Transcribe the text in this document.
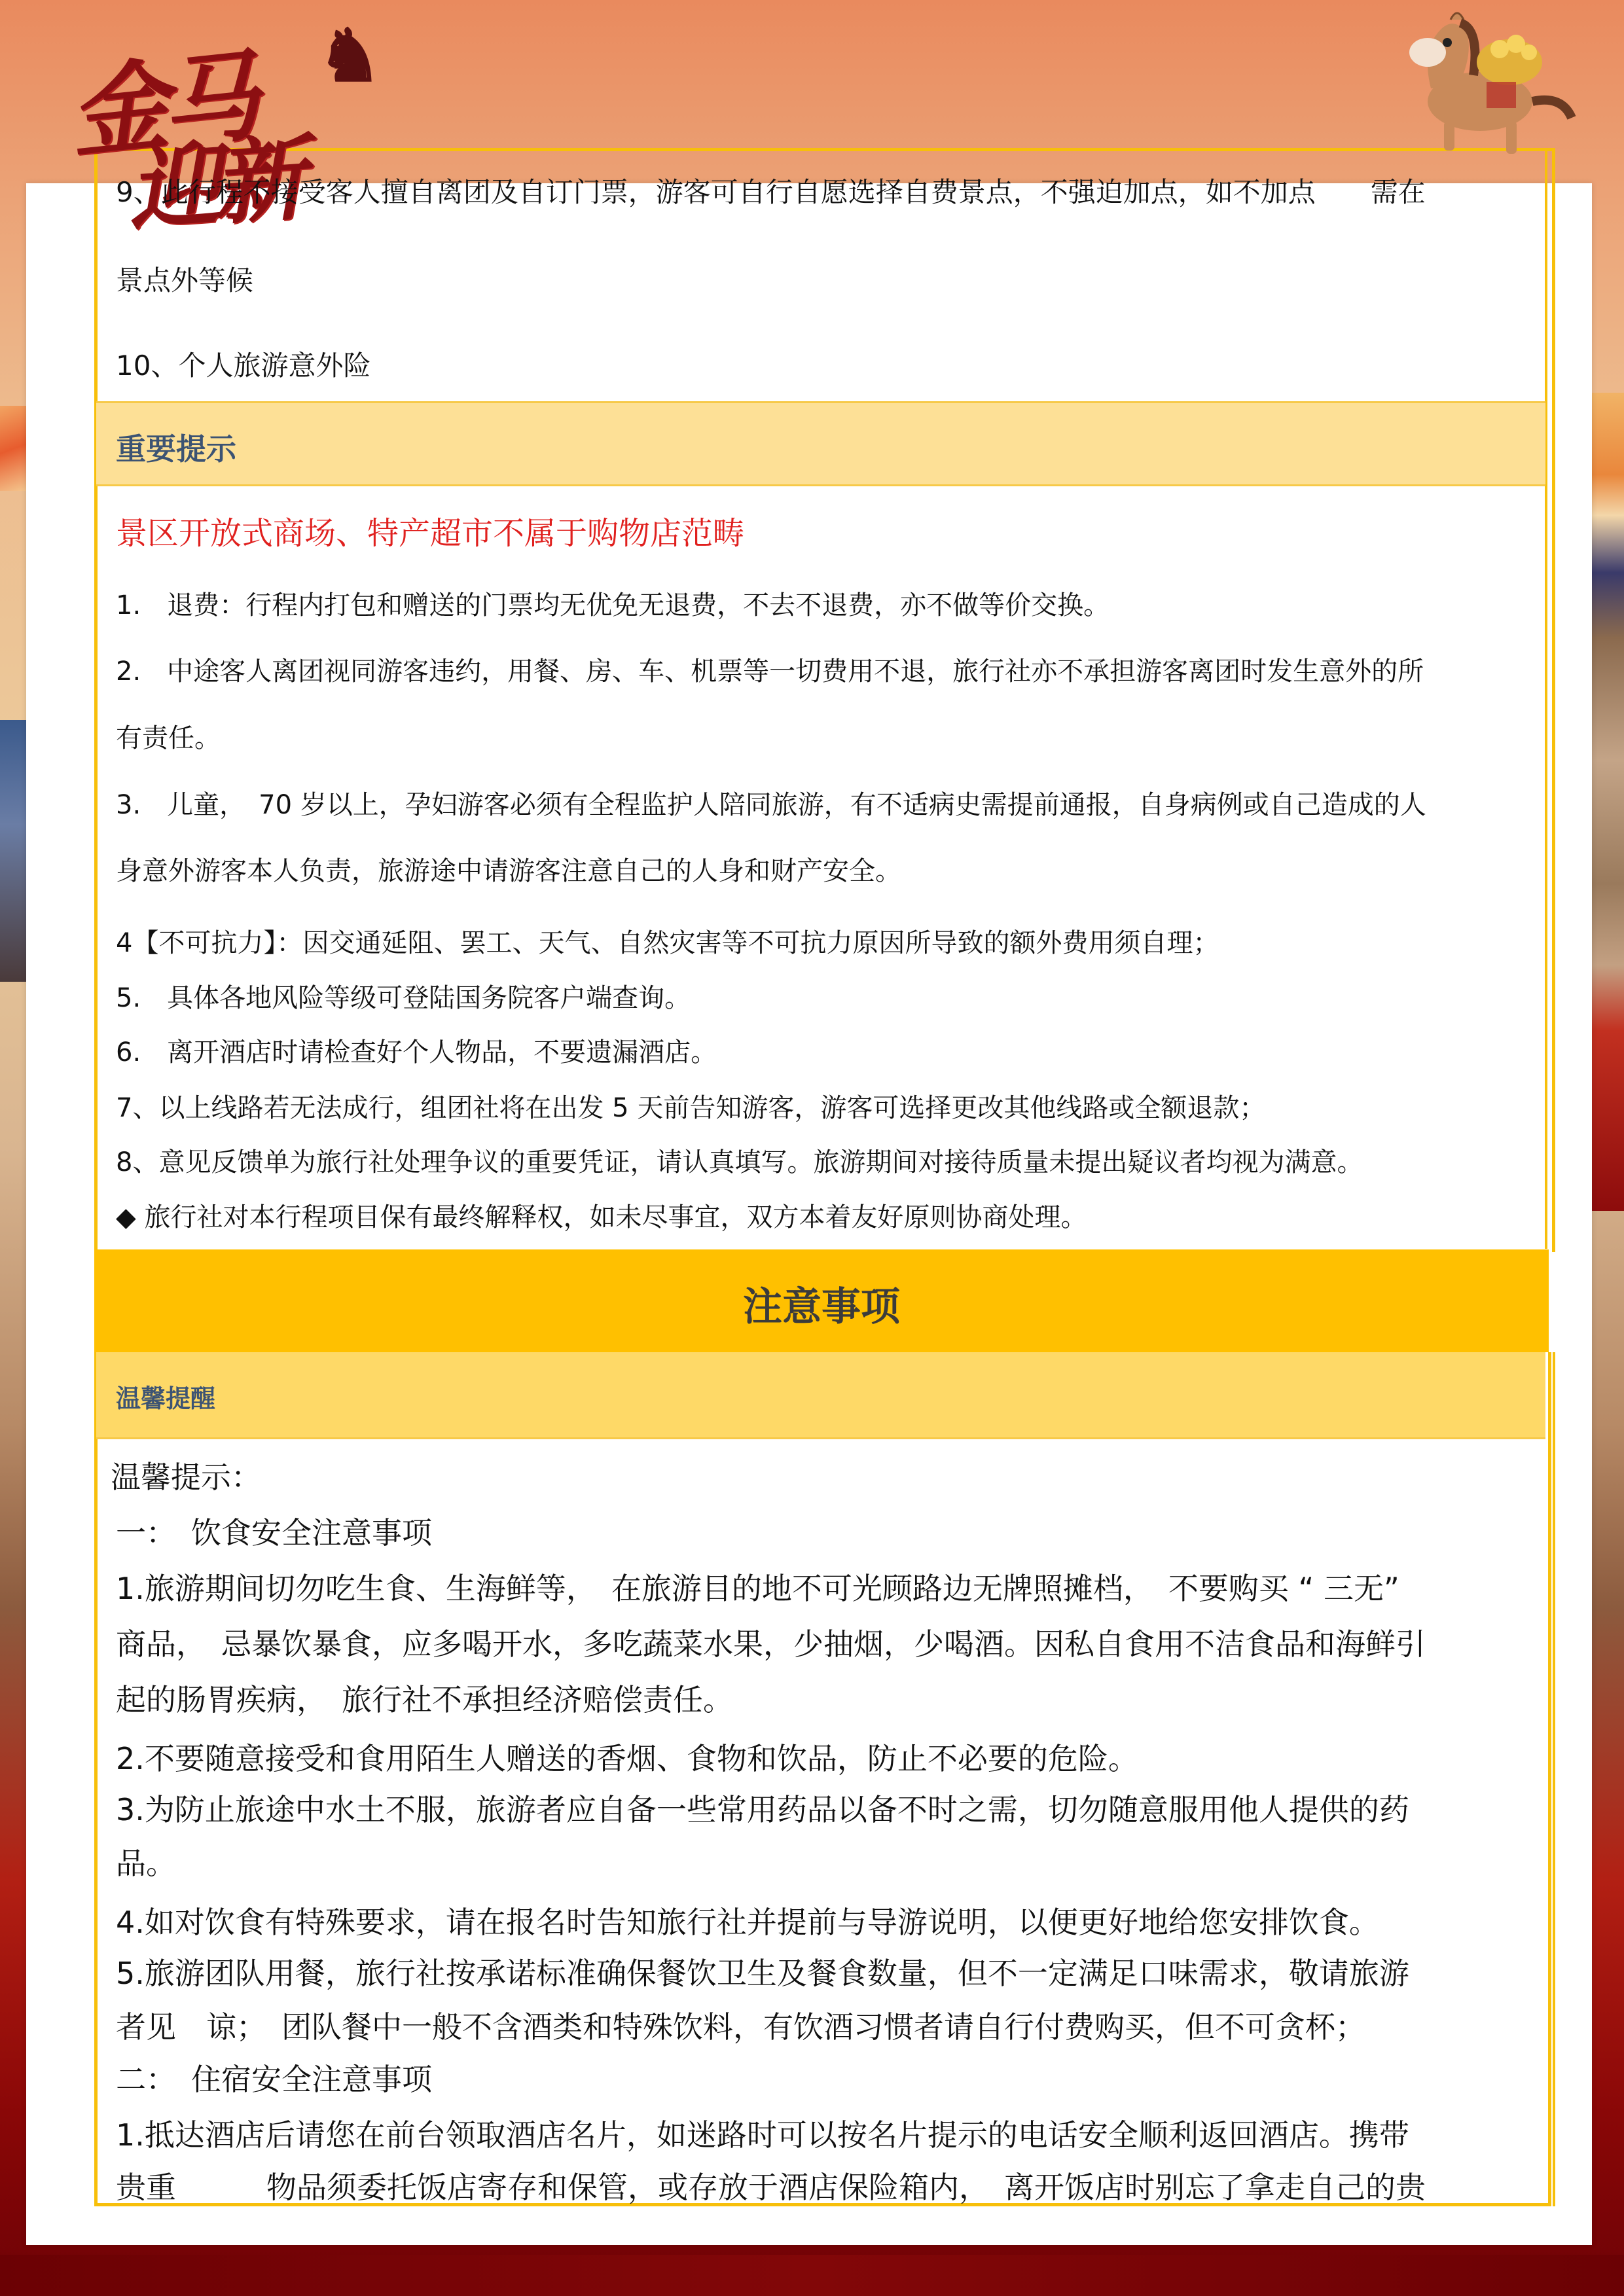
金马
迎新
♞
9、此行程不接受客人擅自离团及自订门票，游客可自行自愿选择自费景点，不强迫加点，如不加点　　需在
景点外等候
10、个人旅游意外险
重要提示
景区开放式商场、特产超市不属于购物店范畴
1.　退费：行程内打包和赠送的门票均无优免无退费，不去不退费，亦不做等价交换。
2.　中途客人离团视同游客违约，用餐、房、车、机票等一切费用不退，旅行社亦不承担游客离团时发生意外的所
有责任。
3.　儿童，　70 岁以上，孕妇游客必须有全程监护人陪同旅游，有不适病史需提前通报，自身病例或自己造成的人
身意外游客本人负责，旅游途中请游客注意自己的人身和财产安全。
4【不可抗力】：因交通延阻、罢工、天气、自然灾害等不可抗力原因所导致的额外费用须自理；
5.　具体各地风险等级可登陆国务院客户端查询。
6.　离开酒店时请检查好个人物品，不要遗漏酒店。
7、以上线路若无法成行，组团社将在出发 5 天前告知游客，游客可选择更改其他线路或全额退款；
8、意见反馈单为旅行社处理争议的重要凭证，请认真填写。旅游期间对接待质量未提出疑议者均视为满意。
◆ 旅行社对本行程项目保有最终解释权，如未尽事宜，双方本着友好原则协商处理。
注意事项
温馨提醒
温馨提示：
一：　饮食安全注意事项
1.旅游期间切勿吃生食、生海鲜等，　在旅游目的地不可光顾路边无牌照摊档，　不要购买 “ 三无”
商品，　忌暴饮暴食，应多喝开水，多吃蔬菜水果，少抽烟，少喝酒。因私自食用不洁食品和海鲜引
起的肠胃疾病，　旅行社不承担经济赔偿责任。
2.不要随意接受和食用陌生人赠送的香烟、食物和饮品，防止不必要的危险。
3.为防止旅途中水土不服，旅游者应自备一些常用药品以备不时之需，切勿随意服用他人提供的药
品。
4.如对饮食有特殊要求，请在报名时告知旅行社并提前与导游说明，以便更好地给您安排饮食。
5.旅游团队用餐，旅行社按承诺标准确保餐饮卫生及餐食数量，但不一定满足口味需求，敬请旅游
者见　谅；　团队餐中一般不含酒类和特殊饮料，有饮酒习惯者请自行付费购买，但不可贪杯；
二：　住宿安全注意事项
1.抵达酒店后请您在前台领取酒店名片，如迷路时可以按名片提示的电话安全顺利返回酒店。携带
贵重　　　物品须委托饭店寄存和保管，或存放于酒店保险箱内，　离开饭店时别忘了拿走自己的贵
